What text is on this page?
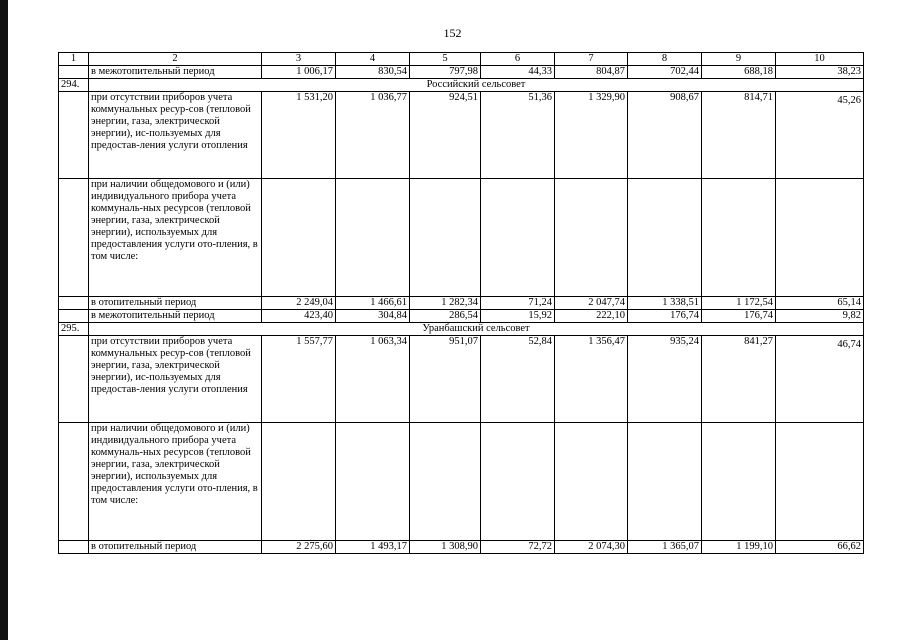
152
1	2	3	4	5	6	7	8	9	10
	в межотопительный период	1 006,17	830,54	797,98	44,33	804,87	702,44	688,18	38,23
294.	Российский сельсовет								
	при отсутствии приборов учета коммунальных ресур-сов (тепловой энергии, газа, электрической энергии), ис-пользуемых для предостав-ления услуги отопления	1 531,20	1 036,77	924,51	51,36	1 329,90	908,67	814,71	45,26
	при наличии общедомового и (или) индивидуального прибора учета коммуналь-ных ресурсов (тепловой энергии, газа, электрической энергии), используемых для предоставления услуги ото-пления, в том числе:								
	в отопительный период	2 249,04	1 466,61	1 282,34	71,24	2 047,74	1 338,51	1 172,54	65,14
	в межотопительный период	423,40	304,84	286,54	15,92	222,10	176,74	176,74	9,82
295.	Уранбашский сельсовет								
	при отсутствии приборов учета коммунальных ресур-сов (тепловой энергии, газа, электрической энергии), ис-пользуемых для предостав-ления услуги отопления	1 557,77	1 063,34	951,07	52,84	1 356,47	935,24	841,27	46,74
	при наличии общедомового и (или) индивидуального прибора учета коммуналь-ных ресурсов (тепловой энергии, газа, электрической энергии), используемых для предоставления услуги ото-пления, в том числе:								
	в отопительный период	2 275,60	1 493,17	1 308,90	72,72	2 074,30	1 365,07	1 199,10	66,62
